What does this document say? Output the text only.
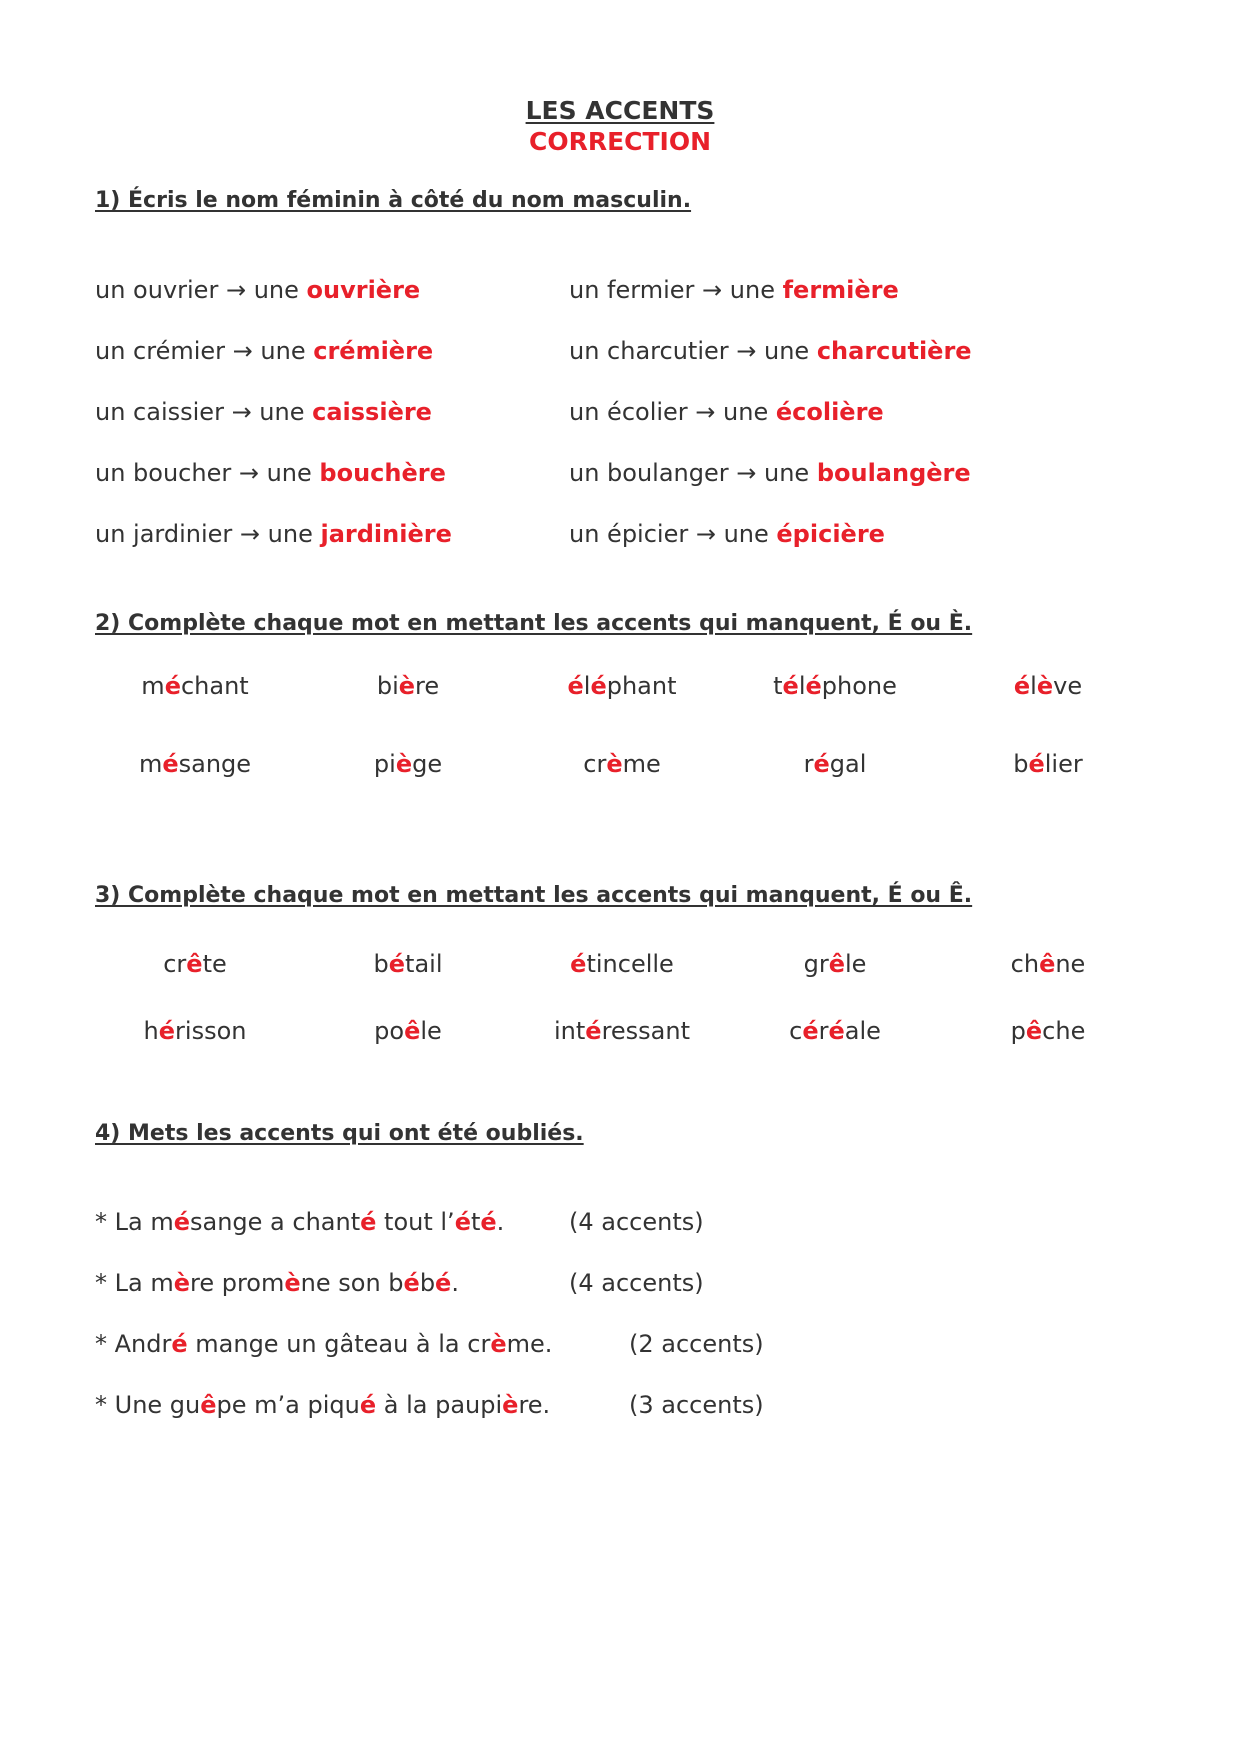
LES ACCENTS
CORRECTION
1) Écris le nom féminin à côté du nom masculin.
un ouvrier → une ouvrière
un crémier → une crémière
un caissier → une caissière
un boucher → une bouchère
un jardinier → une jardinière
un fermier → une fermière
un charcutier → une charcutière
un écolier → une écolière
un boulanger → une boulangère
un épicier → une épicière
2) Complète chaque mot en mettant les accents qui manquent, É ou È.
méchant	bière	éléphant	téléphone	élève
mésange	piège	crème	régal	bélier
3) Complète chaque mot en mettant les accents qui manquent, É ou Ê.
crête	bétail	étincelle	grêle	chêne
hérisson	poêle	intéressant	céréale	pêche
4) Mets les accents qui ont été oubliés.
* La mésange a chanté tout l’été.	(4 accents)
* La mère promène son bébé.	(4 accents)
* André mange un gâteau à la crème.	(2 accents)
* Une guêpe m’a piqué à la paupière.	(3 accents)
